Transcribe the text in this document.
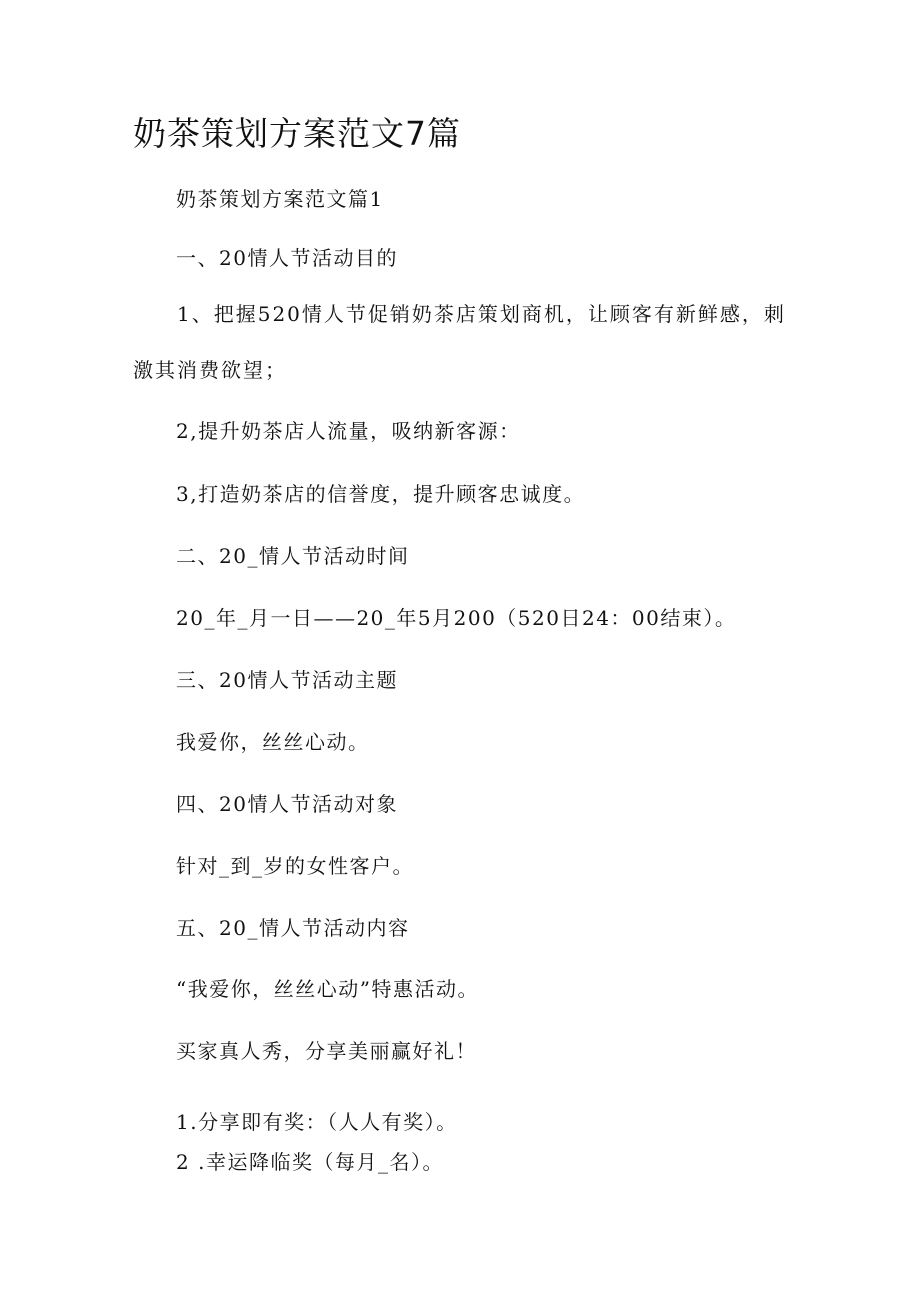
奶茶策划方案范文7篇
奶茶策划方案范文篇1
一、20情人节活动目的
1、把握520情人节促销奶茶店策划商机，让顾客有新鲜感，刺激其消费欲望；
2,提升奶茶店人流量，吸纳新客源：
3,打造奶茶店的信誉度，提升顾客忠诚度。
二、20_情人节活动时间
20_年_月一日——20_年5月200（520日24：00结束）。
三、20情人节活动主题
我爱你，丝丝心动。
四、20情人节活动对象
针对_到_岁的女性客户。
五、20_情人节活动内容
“我爱你，丝丝心动”特惠活动。
买家真人秀，分享美丽赢好礼！
1.分享即有奖：（人人有奖）。
2 .幸运降临奖（每月_名）。
